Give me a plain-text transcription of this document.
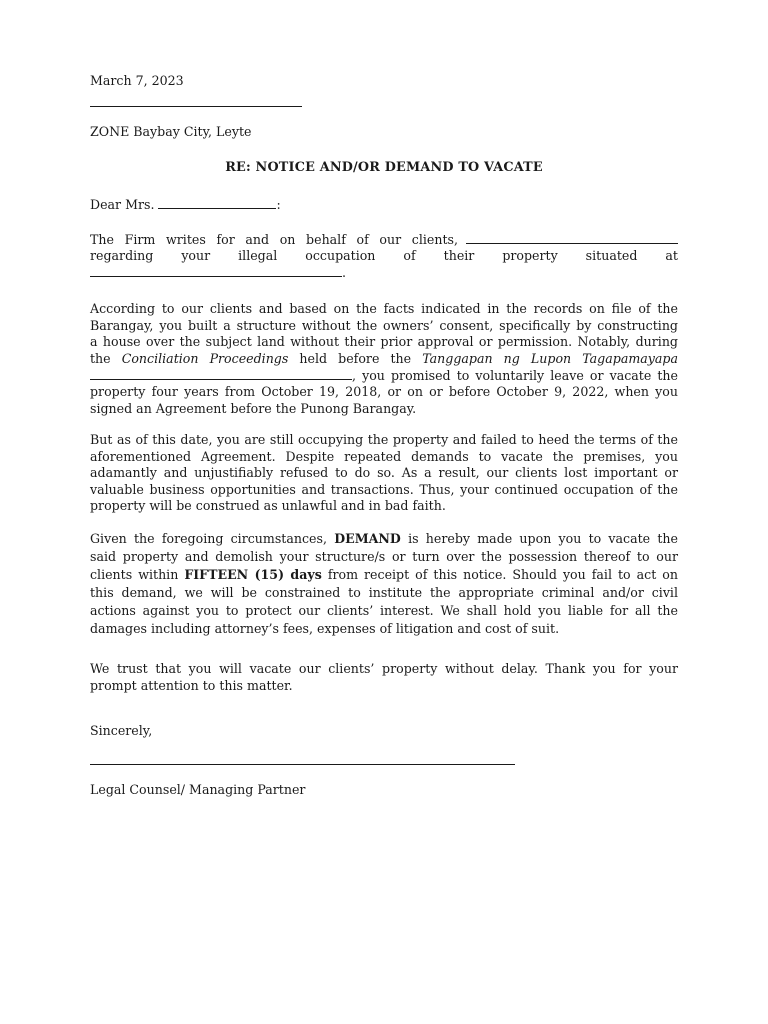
March 7, 2023
ZONE Baybay City, Leyte
RE: NOTICE AND/OR DEMAND TO VACATE
Dear Mrs.	:
The Firm writes for and on behalf of our clients,
regarding your illegal occupation of their property situated at
.
According to our clients and based on the facts indicated in the records on file of the
Barangay, you built a structure without the owners’ consent, specifically by constructing
a house over the subject land without their prior approval or permission. Notably, during
the Conciliation Proceedings held before the Tanggapan ng Lupon Tagapamayapa
, you promised to voluntarily leave or vacate the
property four years from October 19, 2018, or on or before October 9, 2022, when you
signed an Agreement before the Punong Barangay.
But as of this date, you are still occupying the property and failed to heed the terms of the
aforementioned Agreement. Despite repeated demands to vacate the premises, you
adamantly and unjustifiably refused to do so. As a result, our clients lost important or
valuable business opportunities and transactions. Thus, your continued occupation of the
property will be construed as unlawful and in bad faith.
Given the foregoing circumstances, DEMAND is hereby made upon you to vacate the
said property and demolish your structure/s or turn over the possession thereof to our
clients within FIFTEEN (15) days from receipt of this notice. Should you fail to act on
this demand, we will be constrained to institute the appropriate criminal and/or civil
actions against you to protect our clients’ interest. We shall hold you liable for all the
damages including attorney’s fees, expenses of litigation and cost of suit.
We trust that you will vacate our clients’ property without delay. Thank you for your
prompt attention to this matter.
Sincerely,
Legal Counsel/ Managing Partner
